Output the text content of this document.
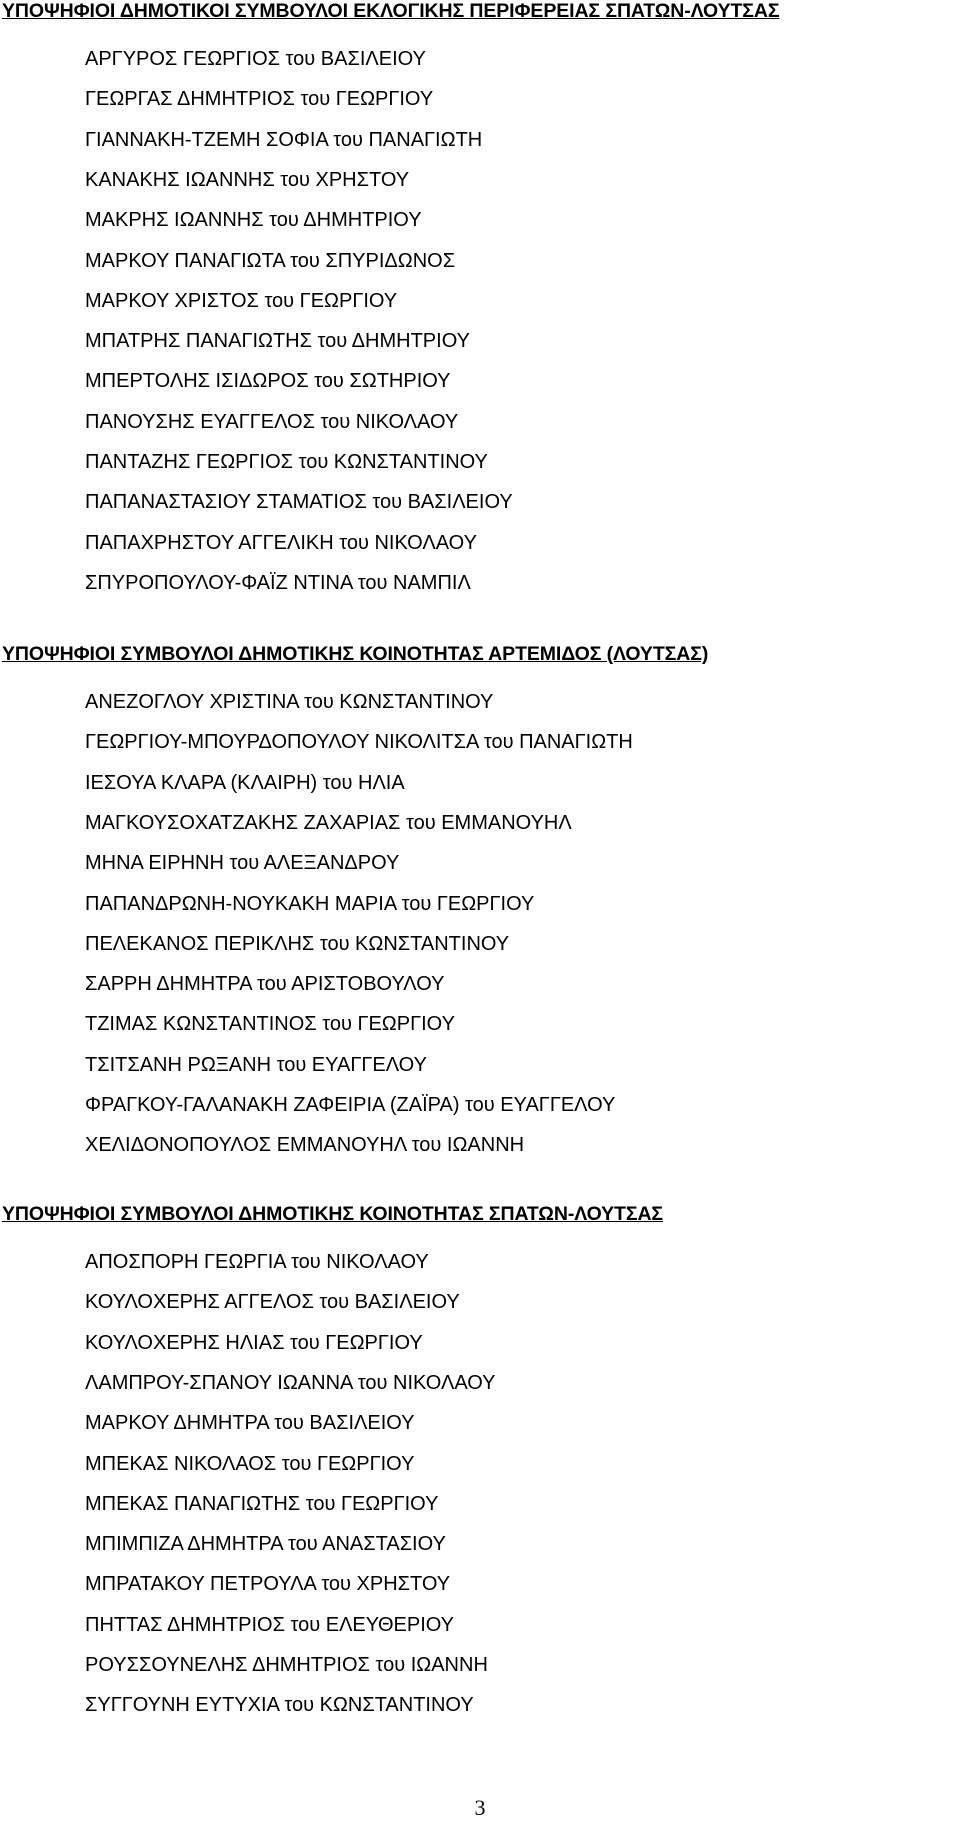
ΥΠΟΨΗΦΙΟΙ ΔΗΜΟΤΙΚΟΙ ΣΥΜΒΟΥΛΟΙ ΕΚΛΟΓΙΚΗΣ ΠΕΡΙΦΕΡΕΙΑΣ ΣΠΑΤΩΝ-ΛΟΥΤΣΑΣ
ΑΡΓΥΡΟΣ ΓΕΩΡΓΙΟΣ του ΒΑΣΙΛΕΙΟΥ
ΓΕΩΡΓΑΣ ΔΗΜΗΤΡΙΟΣ του ΓΕΩΡΓΙΟΥ
ΓΙΑΝΝΑΚΗ-ΤΖΕΜΗ ΣΟΦΙΑ του ΠΑΝΑΓΙΩΤΗ
ΚΑΝΑΚΗΣ ΙΩΑΝΝΗΣ του ΧΡΗΣΤΟΥ
ΜΑΚΡΗΣ ΙΩΑΝΝΗΣ του ΔΗΜΗΤΡΙΟΥ
ΜΑΡΚΟΥ ΠΑΝΑΓΙΩΤΑ του ΣΠΥΡΙΔΩΝΟΣ
ΜΑΡΚΟΥ ΧΡΙΣΤΟΣ του ΓΕΩΡΓΙΟΥ
ΜΠΑΤΡΗΣ ΠΑΝΑΓΙΩΤΗΣ του ΔΗΜΗΤΡΙΟΥ
ΜΠΕΡΤΟΛΗΣ ΙΣΙΔΩΡΟΣ του ΣΩΤΗΡΙΟΥ
ΠΑΝΟΥΣΗΣ ΕΥΑΓΓΕΛΟΣ του ΝΙΚΟΛΑΟΥ
ΠΑΝΤΑΖΗΣ ΓΕΩΡΓΙΟΣ του ΚΩΝΣΤΑΝΤΙΝΟΥ
ΠΑΠΑΝΑΣΤΑΣΙΟΥ ΣΤΑΜΑΤΙΟΣ του ΒΑΣΙΛΕΙΟΥ
ΠΑΠΑΧΡΗΣΤΟΥ ΑΓΓΕΛΙΚΗ του ΝΙΚΟΛΑΟΥ
ΣΠΥΡΟΠΟΥΛΟΥ-ΦΑΪΖ ΝΤΙΝΑ του ΝΑΜΠΙΛ
ΥΠΟΨΗΦΙΟΙ ΣΥΜΒΟΥΛΟΙ ΔΗΜΟΤΙΚΗΣ ΚΟΙΝΟΤΗΤΑΣ ΑΡΤΕΜΙΔΟΣ (ΛΟΥΤΣΑΣ)
ΑΝΕΖΟΓΛΟΥ ΧΡΙΣΤΙΝΑ του ΚΩΝΣΤΑΝΤΙΝΟΥ
ΓΕΩΡΓΙΟΥ-ΜΠΟΥΡΔΟΠΟΥΛΟΥ ΝΙΚΟΛΙΤΣΑ του ΠΑΝΑΓΙΩΤΗ
ΙΕΣΟΥΑ ΚΛΑΡΑ (ΚΛΑΙΡΗ) του ΗΛΙΑ
ΜΑΓΚΟΥΣΟΧΑΤΖΑΚΗΣ ΖΑΧΑΡΙΑΣ του ΕΜΜΑΝΟΥΗΛ
ΜΗΝΑ ΕΙΡΗΝΗ του ΑΛΕΞΑΝΔΡΟΥ
ΠΑΠΑΝΔΡΩΝΗ-ΝΟΥΚΑΚΗ ΜΑΡΙΑ του ΓΕΩΡΓΙΟΥ
ΠΕΛΕΚΑΝΟΣ ΠΕΡΙΚΛΗΣ του ΚΩΝΣΤΑΝΤΙΝΟΥ
ΣΑΡΡΗ ΔΗΜΗΤΡΑ του ΑΡΙΣΤΟΒΟΥΛΟΥ
ΤΖΙΜΑΣ ΚΩΝΣΤΑΝΤΙΝΟΣ του ΓΕΩΡΓΙΟΥ
ΤΣΙΤΣΑΝΗ ΡΩΞΑΝΗ του ΕΥΑΓΓΕΛΟΥ
ΦΡΑΓΚΟΥ-ΓΑΛΑΝΑΚΗ ΖΑΦΕΙΡΙΑ (ΖΑΪΡΑ) του ΕΥΑΓΓΕΛΟΥ
ΧΕΛΙΔΟΝΟΠΟΥΛΟΣ ΕΜΜΑΝΟΥΗΛ του ΙΩΑΝΝΗ
ΥΠΟΨΗΦΙΟΙ ΣΥΜΒΟΥΛΟΙ ΔΗΜΟΤΙΚΗΣ ΚΟΙΝΟΤΗΤΑΣ ΣΠΑΤΩΝ-ΛΟΥΤΣΑΣ
ΑΠΟΣΠΟΡΗ ΓΕΩΡΓΙΑ του ΝΙΚΟΛΑΟΥ
ΚΟΥΛΟΧΕΡΗΣ ΑΓΓΕΛΟΣ του ΒΑΣΙΛΕΙΟΥ
ΚΟΥΛΟΧΕΡΗΣ ΗΛΙΑΣ του ΓΕΩΡΓΙΟΥ
ΛΑΜΠΡΟΥ-ΣΠΑΝΟΥ ΙΩΑΝΝΑ του ΝΙΚΟΛΑΟΥ
ΜΑΡΚΟΥ ΔΗΜΗΤΡΑ του ΒΑΣΙΛΕΙΟΥ
ΜΠΕΚΑΣ ΝΙΚΟΛΑΟΣ του ΓΕΩΡΓΙΟΥ
ΜΠΕΚΑΣ ΠΑΝΑΓΙΩΤΗΣ του ΓΕΩΡΓΙΟΥ
ΜΠΙΜΠΙΖΑ ΔΗΜΗΤΡΑ του ΑΝΑΣΤΑΣΙΟΥ
ΜΠΡΑΤΑΚΟΥ ΠΕΤΡΟΥΛΑ του ΧΡΗΣΤΟΥ
ΠΗΤΤΑΣ ΔΗΜΗΤΡΙΟΣ του ΕΛΕΥΘΕΡΙΟΥ
ΡΟΥΣΣΟΥΝΕΛΗΣ ΔΗΜΗΤΡΙΟΣ του ΙΩΑΝΝΗ
ΣΥΓΓΟΥΝΗ ΕΥΤΥΧΙΑ του ΚΩΝΣΤΑΝΤΙΝΟΥ
3
